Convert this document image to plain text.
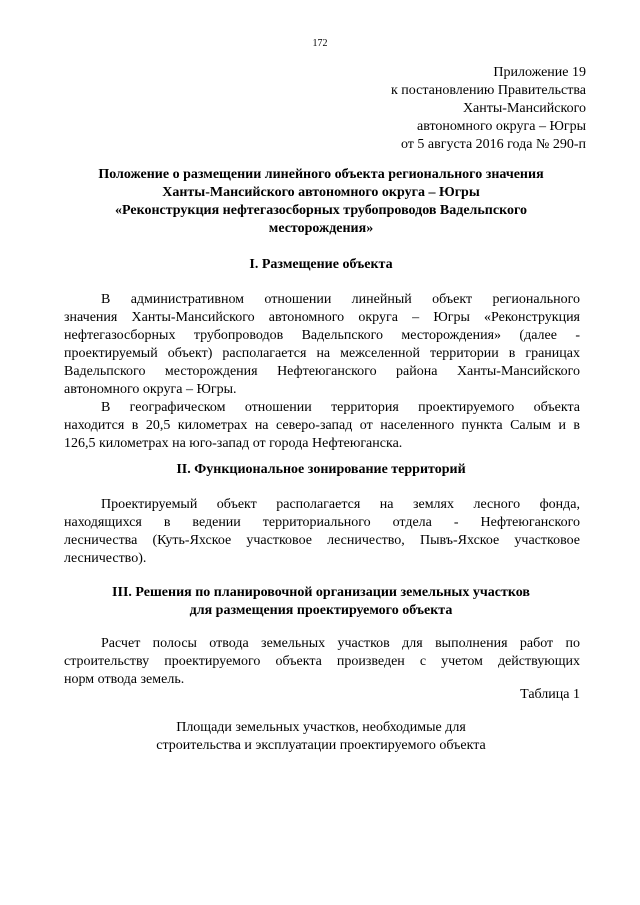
172
Приложение 19
к постановлению Правительства
Ханты-Мансийского
автономного округа – Югры
от 5 августа 2016 года № 290-п
Положение о размещении линейного объекта регионального значения
Ханты-Мансийского автономного округа – Югры
«Реконструкция нефтегазосборных трубопроводов Вадельпского
месторождения»
I. Размещение объекта
В административном отношении линейный объект регионального
значения Ханты-Мансийского автономного округа – Югры «Реконструкция
нефтегазосборных трубопроводов Вадельпского месторождения» (далее -
проектируемый объект) располагается на межселенной территории в границах
Вадельпского месторождения Нефтеюганского района Ханты-Мансийского
автономного округа – Югры.
В географическом отношении территория проектируемого объекта
находится в 20,5 километрах на северо-запад от населенного пункта Салым и в
126,5 километрах на юго-запад от города Нефтеюганска.
II. Функциональное зонирование территорий
Проектируемый объект располагается на землях лесного фонда,
находящихся в ведении территориального отдела - Нефтеюганского
лесничества (Куть-Яхское участковое лесничество, Пывъ-Яхское участковое
лесничество).
III. Решения по планировочной организации земельных участков
для размещения проектируемого объекта
Расчет полосы отвода земельных участков для выполнения работ по
строительству проектируемого объекта произведен с учетом действующих
норм отвода земель.
Таблица 1
Площади земельных участков, необходимые для
строительства и эксплуатации проектируемого объекта
